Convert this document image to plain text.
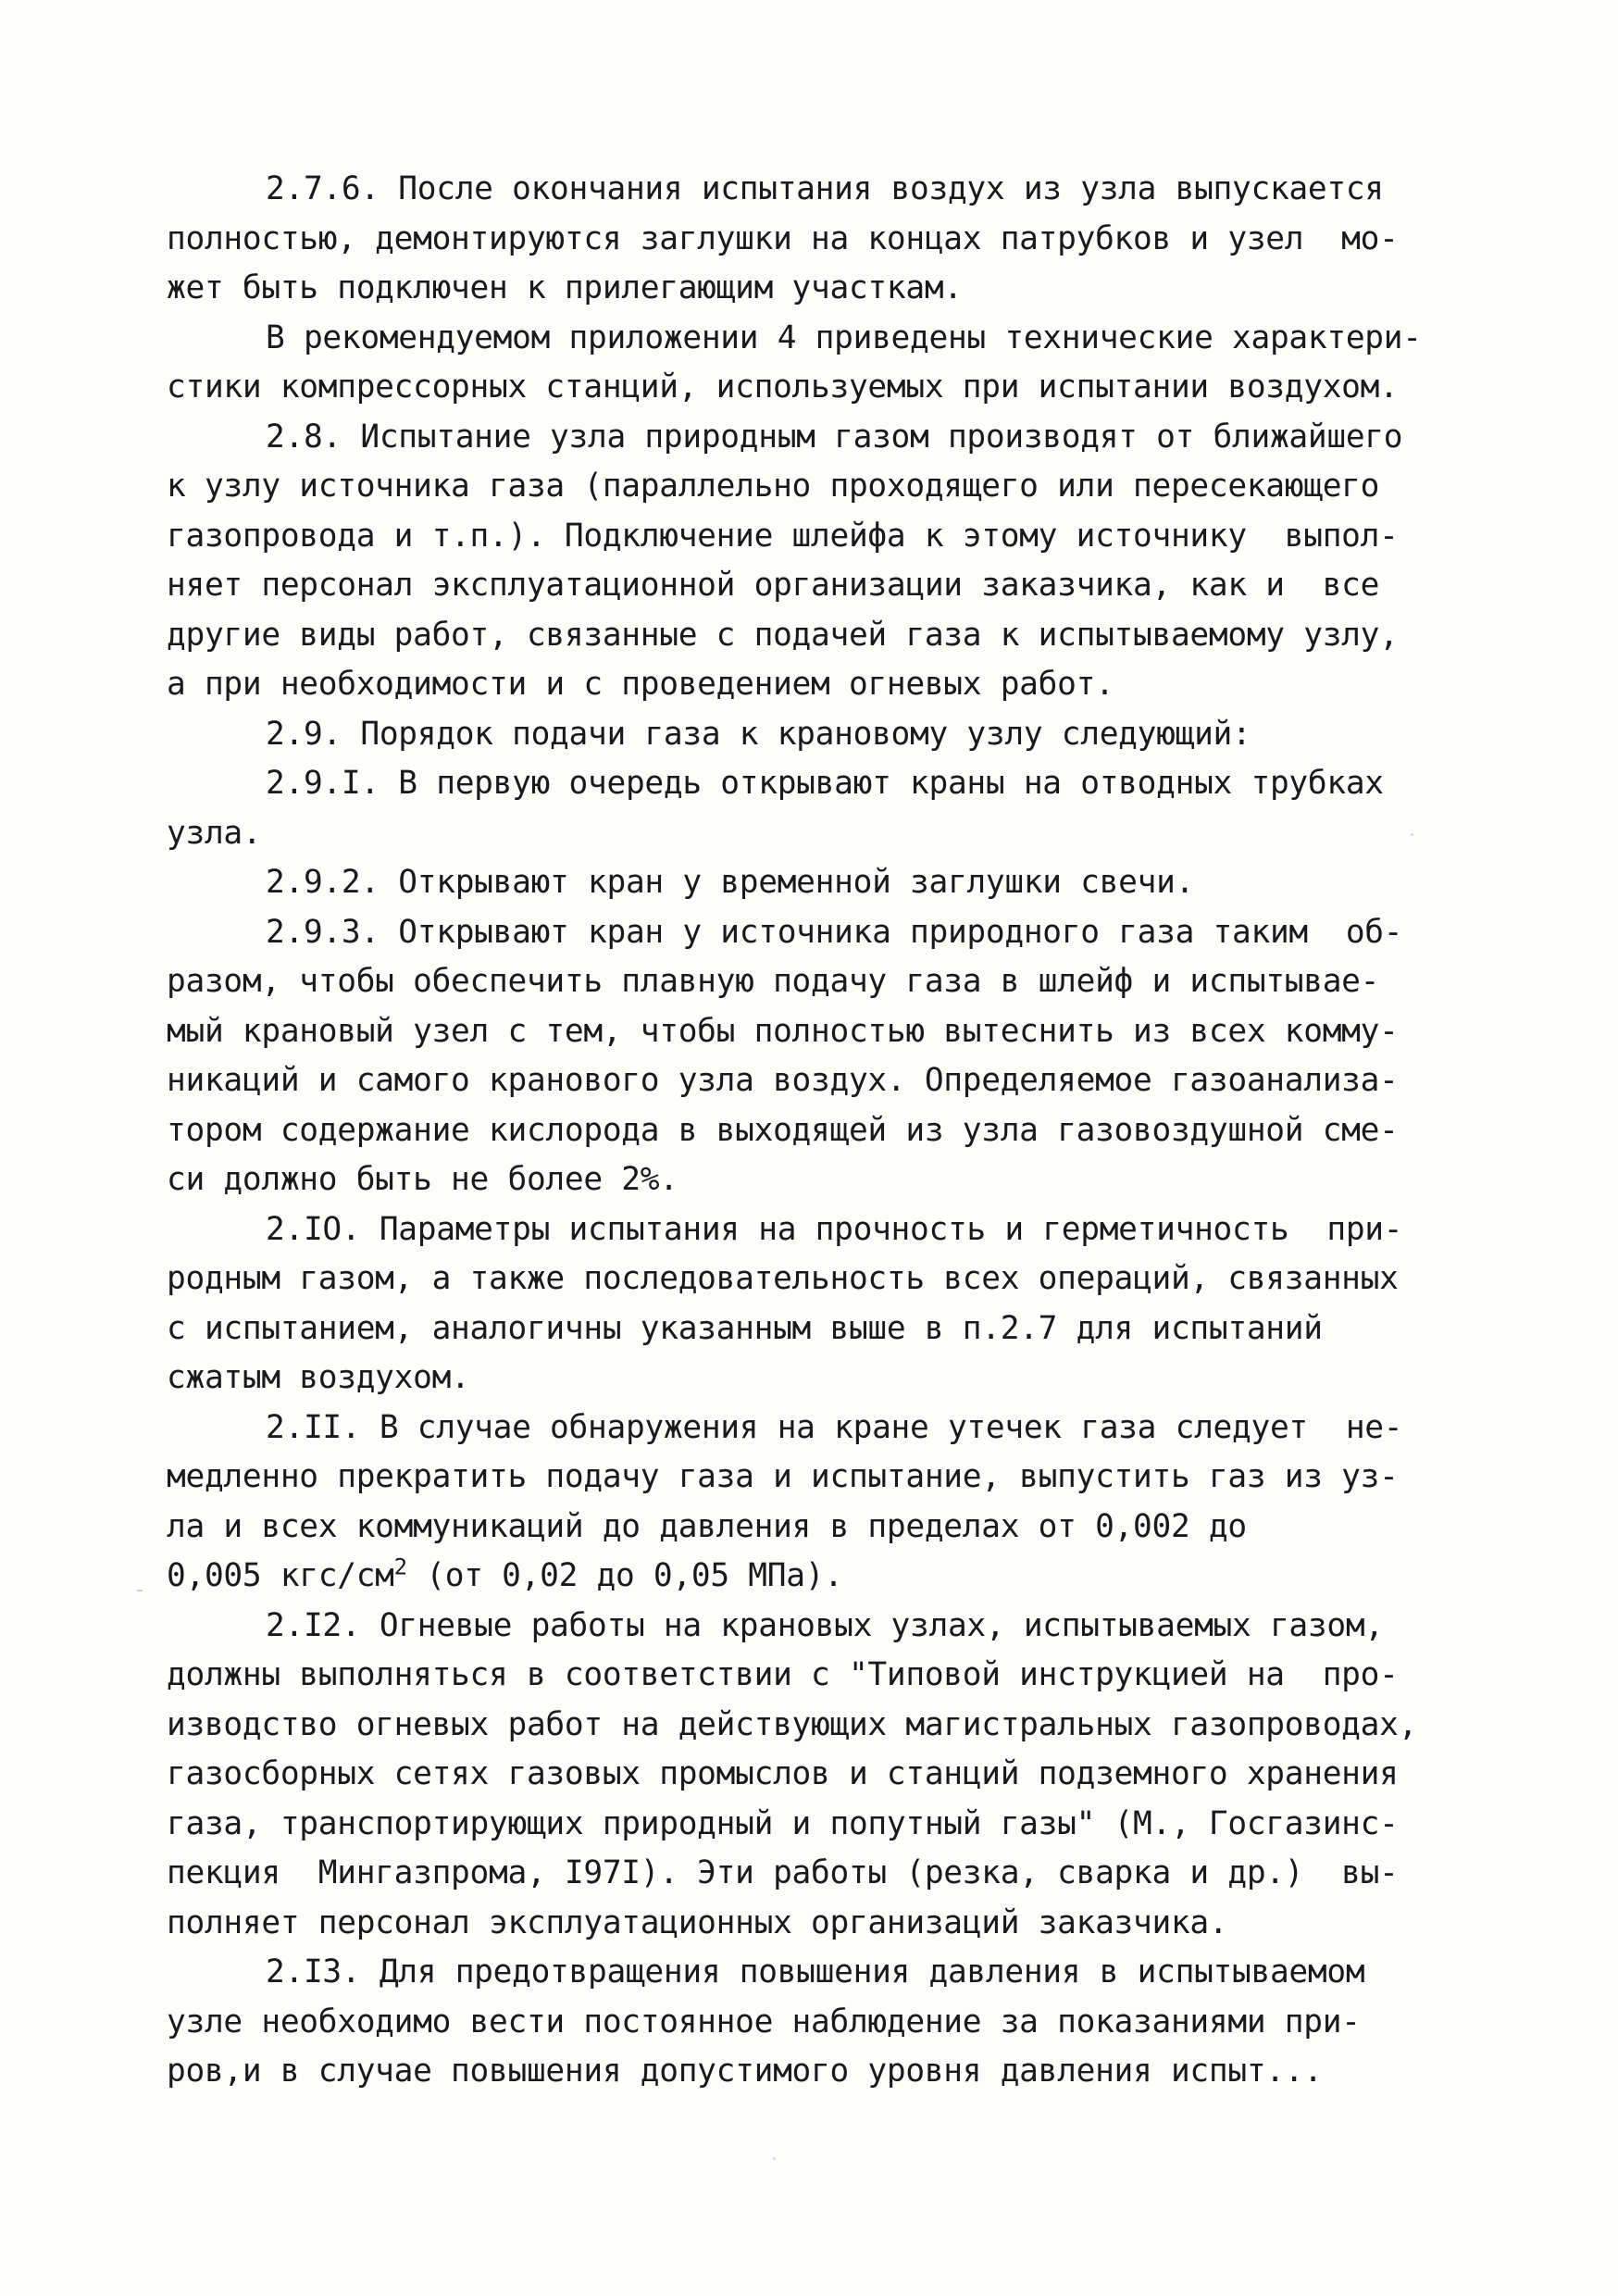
2.7.6. После окончания испытания воздух из узла выпускается
полностью, демонтируются заглушки на концах патрубков и узел  мо-
жет быть подключен к прилегающим участкам.
В рекомендуемом приложении 4 приведены технические характери-
стики компрессорных станций, используемых при испытании воздухом.
2.8. Испытание узла природным газом производят от ближайшего
к узлу источника газа (параллельно проходящего или пересекающего
газопровода и т.п.). Подключение шлейфа к этому источнику  выпол-
няет персонал эксплуатационной организации заказчика, как и  все
другие виды работ, связанные с подачей газа к испытываемому узлу,
а при необходимости и с проведением огневых работ.
2.9. Порядок подачи газа к крановому узлу следующий:
2.9.I. В первую очередь открывают краны на отводных трубках
узла.
2.9.2. Открывают кран у временной заглушки свечи.
2.9.3. Открывают кран у источника природного газа таким  об-
разом, чтобы обеспечить плавную подачу газа в шлейф и испытывае-
мый крановый узел с тем, чтобы полностью вытеснить из всех комму-
никаций и самого кранового узла воздух. Определяемое газоанализа-
тором содержание кислорода в выходящей из узла газовоздушной сме-
си должно быть не более 2%.
2.IO. Параметры испытания на прочность и герметичность  при-
родным газом, а также последовательность всех операций, связанных
с испытанием, аналогичны указанным выше в п.2.7 для испытаний
сжатым воздухом.
2.II. В случае обнаружения на кране утечек газа следует  не-
медленно прекратить подачу газа и испытание, выпустить газ из уз-
ла и всех коммуникаций до давления в пределах от 0,002 до
0,005 кгс/$см^2$ (от 0,02 до 0,05 МПа).
2.I2. Огневые работы на крановых узлах, испытываемых газом,
должны выполняться в соответствии с "Типовой инструкцией на  про-
изводство огневых работ на действующих магистральных газопроводах,
газосборных сетях газовых промыслов и станций подземного хранения
газа, транспортирующих природный и попутный газы" (М., Госгазинс-
пекция  Мингазпрома, I97I). Эти работы (резка, сварка и др.)  вы-
полняет персонал эксплуатационных организаций заказчика.
2.I3. Для предотвращения повышения давления в испытываемом
узле необходимо вести постоянное наблюдение за показаниями при-
ров,и в случае повышения допустимого уровня давления испыт...
